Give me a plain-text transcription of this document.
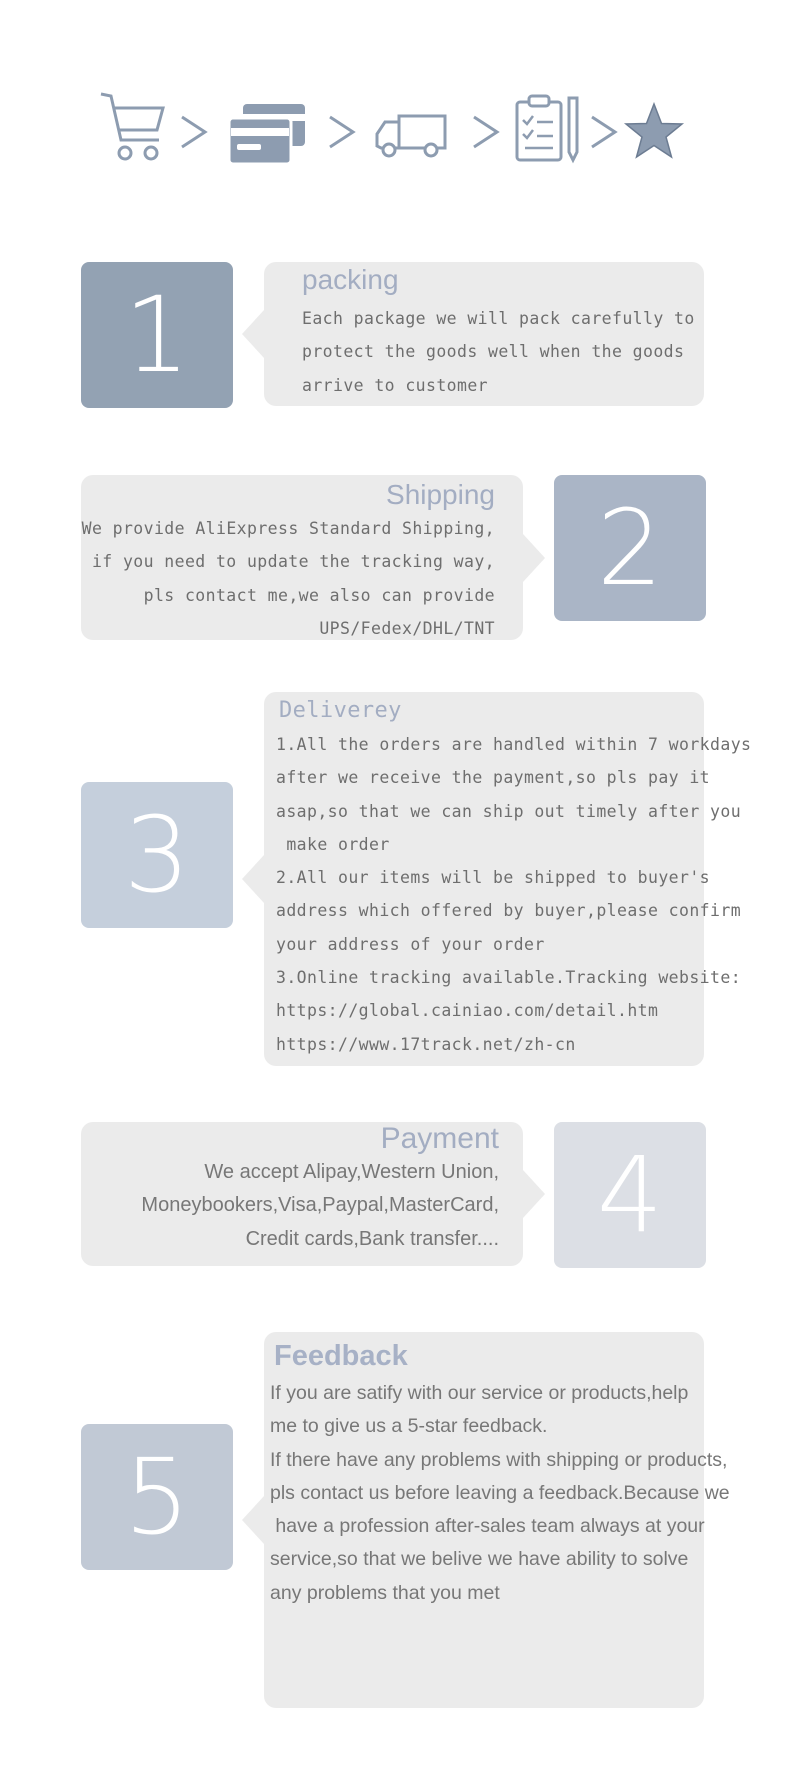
1	packing
Each package we will pack carefully to
protect the goods well when the goods
arrive to customer
Shipping
We provide AliExpress Standard Shipping,
if you need to update the tracking way,
pls contact me,we also can provide
UPS/Fedex/DHL/TNT
2
3
Deliverey
1.All the orders are handled within 7 workdays
after we receive the payment,so pls pay it
asap,so that we can ship out timely after you
make order
2.All our items will be shipped to buyer's
address which offered by buyer,please confirm
your address of your order
3.Online tracking available.Tracking website:
https://global.cainiao.com/detail.htm
https://www.17track.net/zh-cn
Payment
We accept Alipay,Western Union,
Moneybookers,Visa,Paypal,MasterCard,
Credit cards,Bank transfer.... 4
5
Feedback
If you are satify with our service or products,help
me to give us a 5-star feedback.
If there have any problems with shipping or products,
pls contact us before leaving a feedback.Because we
have a profession after-sales team always at your
service,so that we belive we have ability to solve
any problems that you met
